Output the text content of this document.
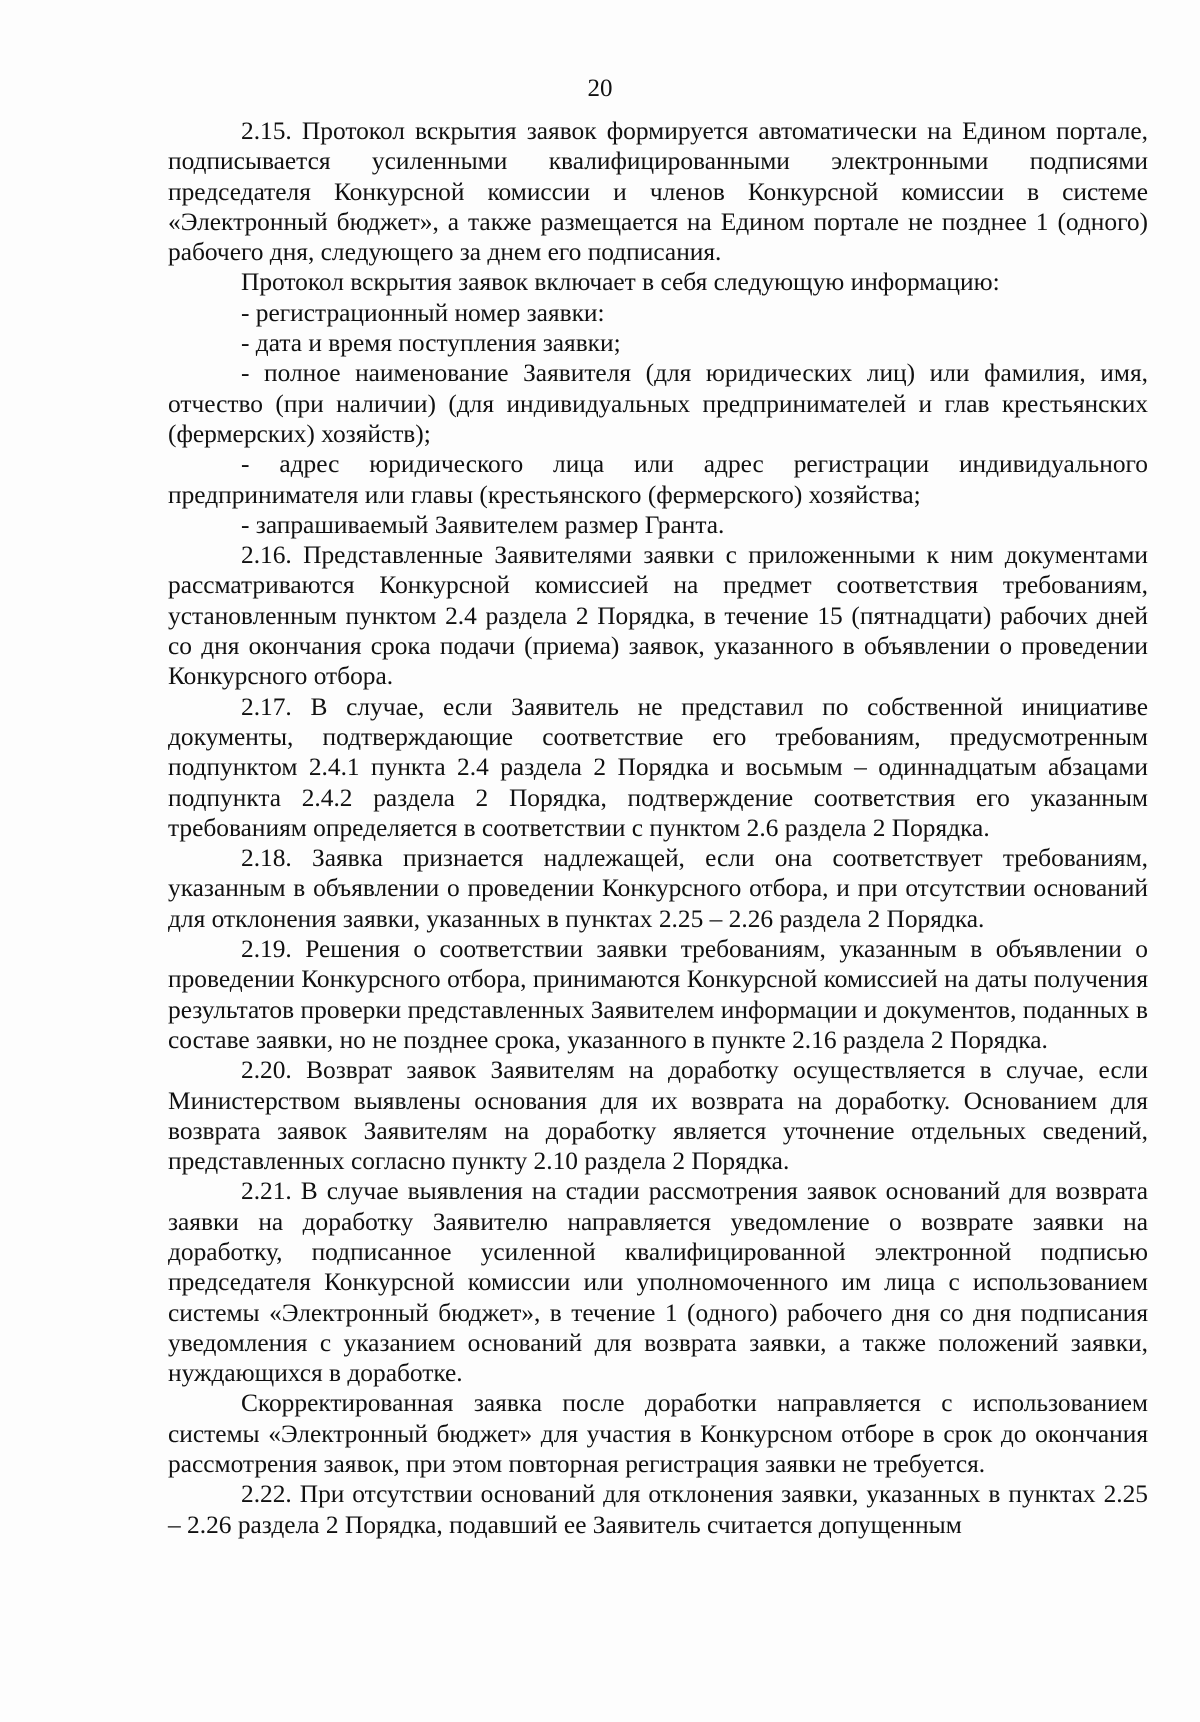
20

2.15. Протокол вскрытия заявок формируется автоматически на Едином портале, подписывается усиленными квалифицированными электронными подписями председателя Конкурсной комиссии и членов Конкурсной комиссии в системе «Электронный бюджет», а также размещается на Едином портале не позднее 1 (одного) рабочего дня, следующего за днем его подписания.

Протокол вскрытия заявок включает в себя следующую информацию:

- регистрационный номер заявки:

- дата и время поступления заявки;

- полное наименование Заявителя (для юридических лиц) или фамилия, имя, отчество (при наличии) (для индивидуальных предпринимателей и глав крестьянских (фермерских) хозяйств);

- адрес юридического лица или адрес регистрации индивидуального предпринимателя или главы (крестьянского (фермерского) хозяйства;

- запрашиваемый Заявителем размер Гранта.

2.16. Представленные Заявителями заявки с приложенными к ним документами рассматриваются Конкурсной комиссией на предмет соответствия требованиям, установленным пунктом 2.4 раздела 2 Порядка, в течение 15 (пятнадцати) рабочих дней со дня окончания срока подачи (приема) заявок, указанного в объявлении о проведении Конкурсного отбора.

2.17. В случае, если Заявитель не представил по собственной инициативе документы, подтверждающие соответствие его требованиям, предусмотренным подпунктом 2.4.1 пункта 2.4 раздела 2 Порядка и восьмым – одиннадцатым абзацами подпункта 2.4.2 раздела 2 Порядка, подтверждение соответствия его указанным требованиям определяется в соответствии с пунктом 2.6 раздела 2 Порядка.

2.18. Заявка признается надлежащей, если она соответствует требованиям, указанным в объявлении о проведении Конкурсного отбора, и при отсутствии оснований для отклонения заявки, указанных в пунктах 2.25 – 2.26 раздела 2 Порядка.

2.19. Решения о соответствии заявки требованиям, указанным в объявлении о проведении Конкурсного отбора, принимаются Конкурсной комиссией на даты получения результатов проверки представленных Заявителем информации и документов, поданных в составе заявки, но не позднее срока, указанного в пункте 2.16 раздела 2 Порядка.

2.20. Возврат заявок Заявителям на доработку осуществляется в случае, если Министерством выявлены основания для их возврата на доработку. Основанием для возврата заявок Заявителям на доработку является уточнение отдельных сведений, представленных согласно пункту 2.10 раздела 2 Порядка.

2.21. В случае выявления на стадии рассмотрения заявок оснований для возврата заявки на доработку Заявителю направляется уведомление о возврате заявки на доработку, подписанное усиленной квалифицированной электронной подписью председателя Конкурсной комиссии или уполномоченного им лица с использованием системы «Электронный бюджет», в течение 1 (одного) рабочего дня со дня подписания уведомления с указанием оснований для возврата заявки, а также положений заявки, нуждающихся в доработке.

Скорректированная заявка после доработки направляется с использованием системы «Электронный бюджет» для участия в Конкурсном отборе в срок до окончания рассмотрения заявок, при этом повторная регистрация заявки не требуется.

2.22. При отсутствии оснований для отклонения заявки, указанных в пунктах 2.25 – 2.26 раздела 2 Порядка, подавший ее Заявитель считается допущенным
